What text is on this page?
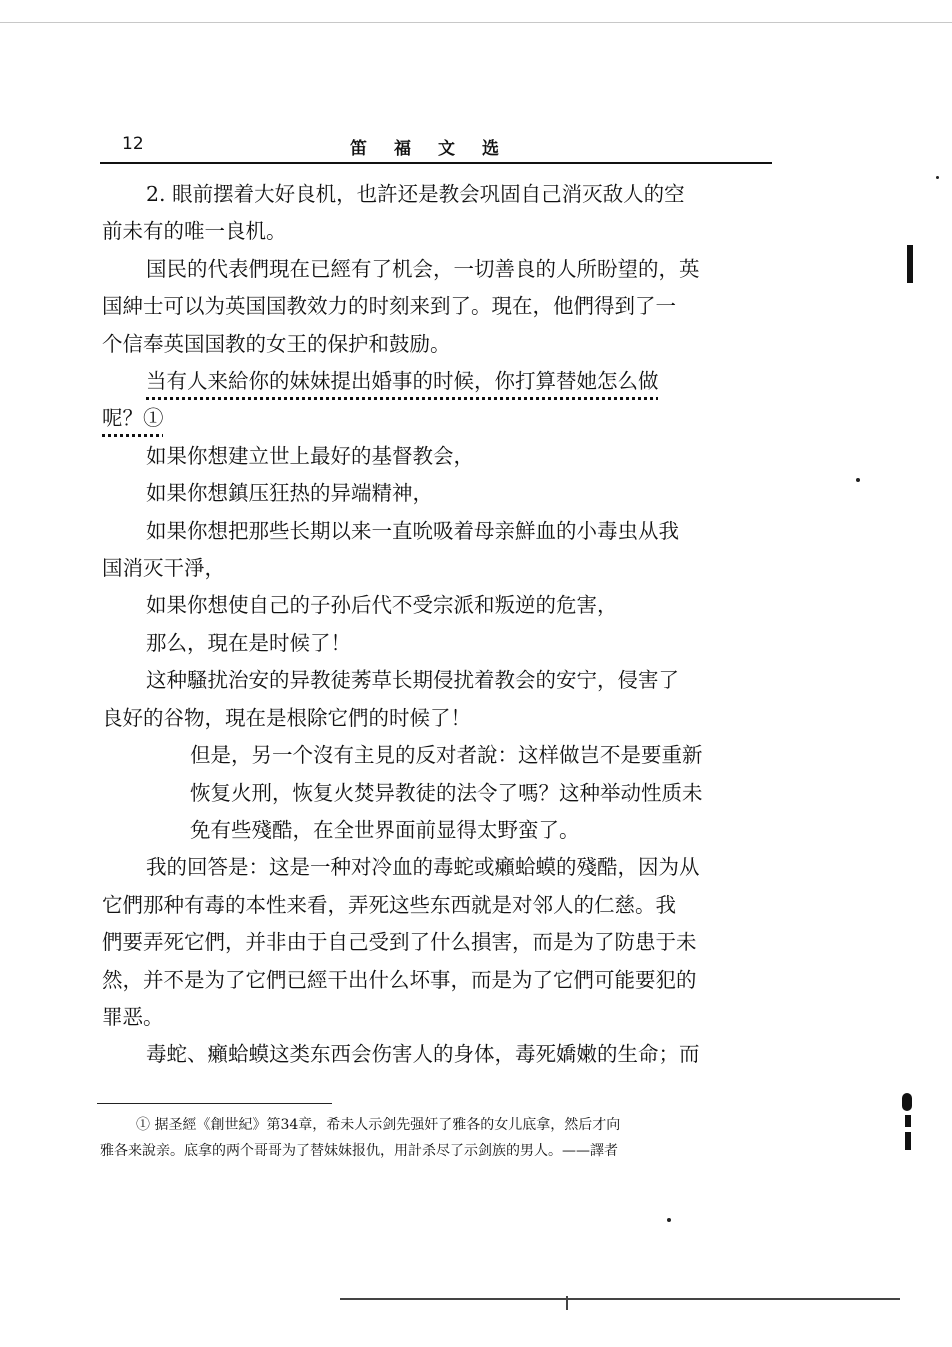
12	笛福文选

2. 眼前摆着大好良机，也許还是教会巩固自己消灭敌人的空

前未有的唯一良机。

国民的代表們現在已經有了机会，一切善良的人所盼望的，英

国紳士可以为英国国教效力的时刻来到了。現在，他們得到了一

个信奉英国国教的女王的保护和鼓励。

当有人来給你的妹妹提出婚事的时候，你打算替她怎么做

呢？①

如果你想建立世上最好的基督教会，

如果你想鎮压狂热的异端精神，

如果你想把那些长期以来一直吮吸着母亲鮮血的小毒虫从我

国消灭干淨，

如果你想使自己的子孙后代不受宗派和叛逆的危害，

那么，現在是时候了！

这种騷扰治安的异教徒莠草长期侵扰着教会的安宁，侵害了

良好的谷物，現在是根除它們的时候了！

但是，另一个沒有主見的反对者說：这样做岂不是要重新

恢复火刑，恢复火焚异教徒的法令了嗎？这种举动性质未

免有些殘酷，在全世界面前显得太野蛮了。

我的回答是：这是一种对冷血的毒蛇或癩蛤蟆的殘酷，因为从

它們那种有毒的本性来看，弄死这些东西就是对邻人的仁慈。我

們要弄死它們，并非由于自己受到了什么損害，而是为了防患于未

然，并不是为了它們已經干出什么坏事，而是为了它們可能要犯的

罪恶。

毒蛇、癩蛤蟆这类东西会伤害人的身体，毒死嬌嫩的生命；而

① 据圣經《創世紀》第34章，希未人示剑先强奸了雅各的女儿底拿，然后才向

雅各来說亲。底拿的两个哥哥为了替妹妹报仇，用計杀尽了示剑族的男人。——譯者
